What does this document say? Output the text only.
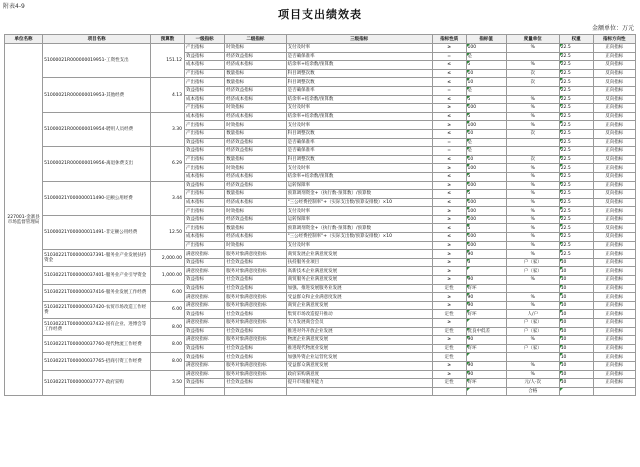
附表4-9
项目支出绩效表
金额单位：万元
单位名称	项目名称	预算数	一级指标	二级指标	三级指标	指标性质	指标值	度量单位	权重	指标方向性
227001-金寨县市场监督管理局	51000021R000000019951-工资性支出	151.12	产出指标	时效指标	支付及时率	≥	100	%	22.5	正向指标
			效益指标	经济效益指标	是否确保准率	=	是		22.5	正向指标
			成本指标	经济成本指标	结余率+结余数/预算数	≤	5	%	22.5	反向指标
			产出指标	数量指标	科目调整次数	≤	10	次	22.5	反向指标
	51000021R000000019953-其他经费	4.13	产出指标	数量指标	科目调整次数	≤	10	次	22.5	反向指标
			效益指标	经济效益指标	是否确保准率	=	是		22.5	正向指标
			成本指标	经济成本指标	结余率+结余数/预算数	≤	5	%	22.5	反向指标
			产出指标	时效指标	支付及时率	≥	100	%	22.5	正向指标
	51000021R000000019954-聘用人员经费	3.30	成本指标	经济成本指标	结余率+结余数/预算数	≤	5	%	22.5	反向指标
			产出指标	时效指标	支付及时率	≥	100	%	22.5	正向指标
			产出指标	数量指标	科目调整次数	≤	10	次	22.5	反向指标
			效益指标	经济效益指标	是否确保准率	=	是		22.5	正向指标
	51000021R000000019956-离退休费支出	6.29	效益指标	经济效益指标	是否确保准率	=	是		22.5	正向指标
			产出指标	数量指标	科目调整次数	≤	10	次	22.5	反向指标
			产出指标	时效指标	支付及时率	≥	100	%	22.5	正向指标
			成本指标	经济成本指标	结余率+结余数/预算数	≤	5	%	22.5	反向指标
	51000021Y000000011490-定额公用经费	3.44	效益指标	经济效益指标	运转保障率	≥	100	%	22.5	正向指标
			产出指标	数量指标	预算调剂资金+（执行数-预算数）/预算数	≤	5	%	22.5	反向指标
			成本指标	经济成本指标	"三公经费控制率"+（实际支出数/预算安排数）×10	≤	100	%	22.5	反向指标
			产出指标	时效指标	支付及时率	≥	100	%	22.5	正向指标
	51000021Y000000011491-非定额公用经费	12.50	效益指标	经济效益指标	运转保障率	≥	100	%	22.5	正向指标
			产出指标	数量指标	预算调剂资金+（执行数-预算数）/预算数	≤	5	%	22.5	反向指标
			成本指标	经济成本指标	"三公经费控制率"+（实际支出数/预算安排数）×10	≤	100	%	22.5	反向指标
			产出指标	时效指标	支付及时率	≥	100	%	22.5	正向指标
	51030221T000000037391-服务业产业发展扶持资金	2,000.00	满意度指标	服务对象满意度指标	商贸发展企业满意度发展	≥	90	%	22.5	正向指标
			效益指标	社会效益指标	扶持服务业项目	≥	3	户（家）	10	正向指标
	51030221T000000037401-服务业产业引导资金	1,000.00	满意度指标	服务对象满意度指标	高新技术企业满意度发展	≥		户（家）	10	正向指标
			效益指标	社会效益指标	商贸服务企业满意度发展	≥	90	%	10	正向指标
	51030221T000000037416-服务业发展工作经费	6.00	效益指标	社会效益指标	加强、推进发展服务业发展	定性	好坏		10	正向指标
			满意度指标	服务对象满意度指标	受益群众和企业满意度发展	≥	90	%	10	正向指标
	51030221T000000037420-农贸市场改造工作经费	6.00	满意度指标	服务对象满意度指标	商贸企业满意度发展	≥	90	%	10	正向指标
			效益指标	社会效益指标	集贸市场改造提升推动	定性	好坏	人/户	10	正向指标
	51030221T000000037432-国有企业、进博会等工作经费	8.00	满意度指标	服务对象满意度指标	大力发展商会会员	≥		户（家）	10	正向指标
			效益指标	社会效益指标	推进对外开放企业发展	定性	优良中低差	户（家）	10	正向指标
	51030221T000000037760-现代物流工作经费	8.00	满意度指标	服务对象满意度指标	物流企业满意度发展	≥	90	%	10	正向指标
			效益指标	社会效益指标	推进现代物流业发展	定性	好坏	户（家）	10	正向指标
	51030221T000000037765-招商引资工作经费	8.00	效益指标	社会效益指标	加强外资企业运营化发展	定性			10	正向指标
			满意度指标	服务对象满意度指标	受益群众满意度发展	≥	90	%	10	正向指标
	51030221T000000037777-政府采购	3.50	满意度指标	服务对象满意度指标	政府采购满意度	≥	90	%	10	正向指标
			效益指标	社会效益指标	提升市场服务能力	定性	好坏	元/人·次	10	正向指标
								合格		
